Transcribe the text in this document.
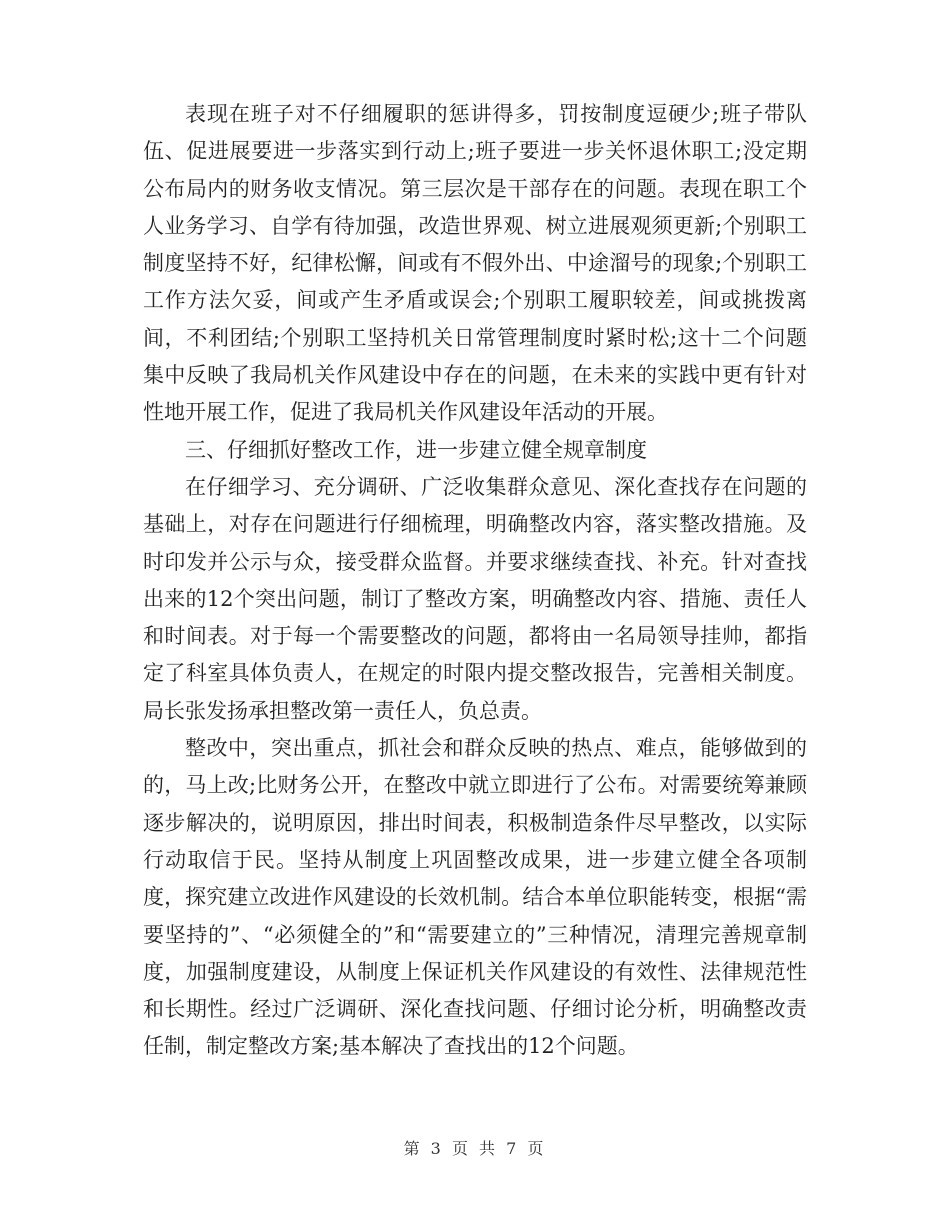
表现在班子对不仔细履职的惩讲得多，罚按制度逗硬少;班子带队伍、促进展要进一步落实到行动上;班子要进一步关怀退休职工;没定期公布局内的财务收支情况。第三层次是干部存在的问题。表现在职工个人业务学习、自学有待加强，改造世界观、树立进展观须更新;个别职工制度坚持不好，纪律松懈，间或有不假外出、中途溜号的现象;个别职工工作方法欠妥，间或产生矛盾或误会;个别职工履职较差，间或挑拨离间，不利团结;个别职工坚持机关日常管理制度时紧时松;这十二个问题集中反映了我局机关作风建设中存在的问题，在未来的实践中更有针对性地开展工作，促进了我局机关作风建设年活动的开展。

三、仔细抓好整改工作，进一步建立健全规章制度

在仔细学习、充分调研、广泛收集群众意见、深化查找存在问题的基础上，对存在问题进行仔细梳理，明确整改内容，落实整改措施。及时印发并公示与众，接受群众监督。并要求继续查找、补充。针对查找出来的12个突出问题，制订了整改方案，明确整改内容、措施、责任人和时间表。对于每一个需要整改的问题，都将由一名局领导挂帅，都指定了科室具体负责人，在规定的时限内提交整改报告，完善相关制度。局长张发扬承担整改第一责任人，负总责。

整改中，突出重点，抓社会和群众反映的热点、难点，能够做到的的，马上改;比财务公开，在整改中就立即进行了公布。对需要统筹兼顾逐步解决的，说明原因，排出时间表，积极制造条件尽早整改，以实际行动取信于民。坚持从制度上巩固整改成果，进一步建立健全各项制度，探究建立改进作风建设的长效机制。结合本单位职能转变，根据“需要坚持的”、“必须健全的”和“需要建立的”三种情况，清理完善规章制度，加强制度建设，从制度上保证机关作风建设的有效性、法律规范性和长期性。经过广泛调研、深化查找问题、仔细讨论分析，明确整改责任制，制定整改方案;基本解决了查找出的12个问题。

第 3 页 共 7 页
